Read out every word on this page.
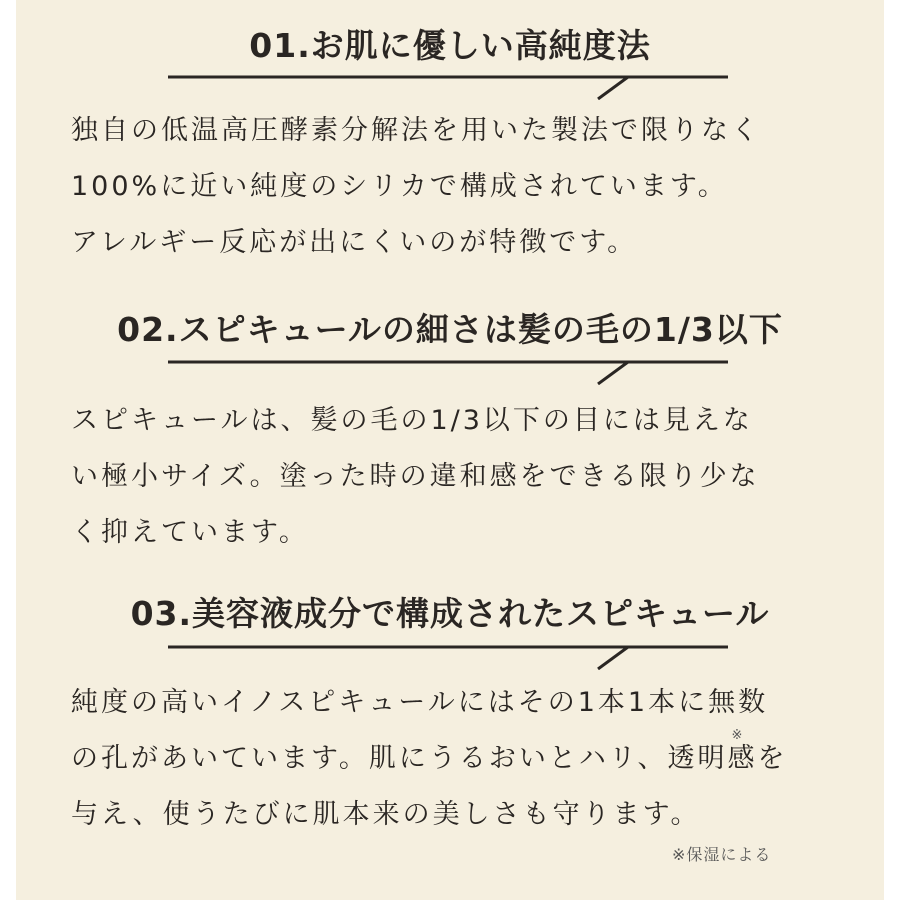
01.お肌に優しい高純度法
独自の低温高圧酵素分解法を用いた製法で限りなく
100%に近い純度のシリカで構成されています。
アレルギー反応が出にくいのが特徴です。
02.スピキュールの細さは髪の毛の1/3以下
スピキュールは、髪の毛の1/3以下の目には見えな
い極小サイズ。塗った時の違和感をできる限り少な
く抑えています。
03.美容液成分で構成されたスピキュール
純度の高いイノスピキュールにはその1本1本に無数
の孔があいています。肌にうるおいとハリ、透明感
※
を
与え、使うたびに肌本来の美しさも守ります。
※保湿による
